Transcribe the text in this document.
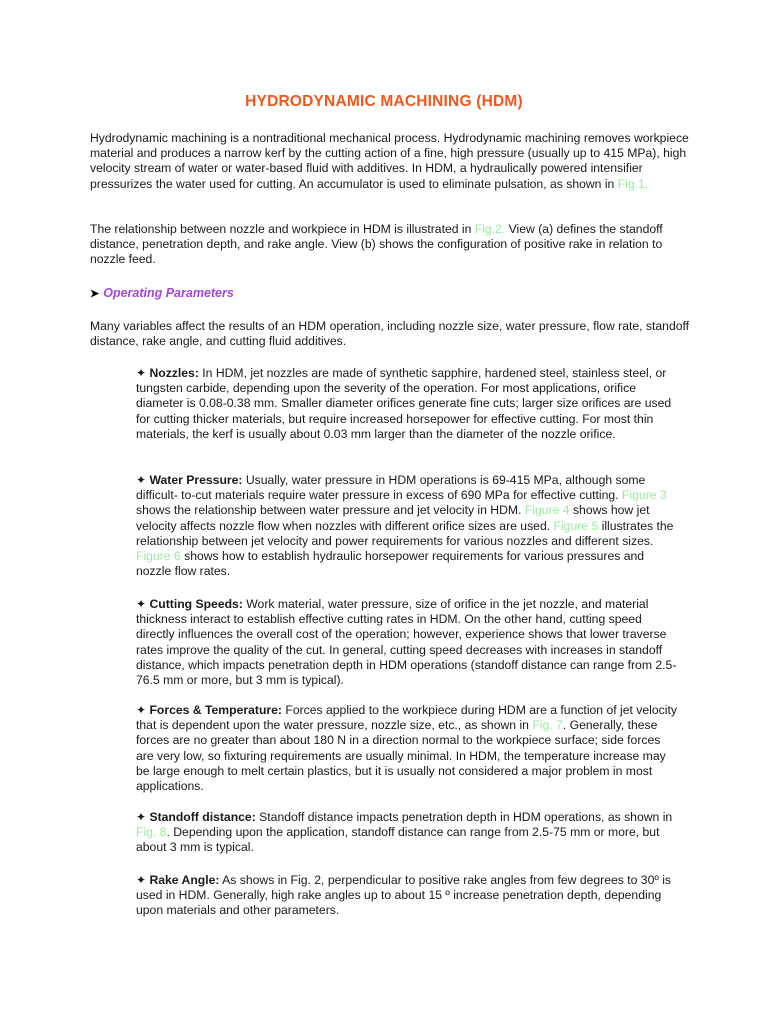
HYDRODYNAMIC MACHINING (HDM)

Hydrodynamic machining is a nontraditional mechanical process. Hydrodynamic machining removes workpiece material and produces a narrow kerf by the cutting action of a fine, high pressure (usually up to 415 MPa), high velocity stream of water or water-based fluid with additives. In HDM, a hydraulically powered intensifier pressurizes the water used for cutting. An accumulator is used to eliminate pulsation, as shown in Fig.1.

The relationship between nozzle and workpiece in HDM is illustrated in Fig.2. View (a) defines the standoff distance, penetration depth, and rake angle. View (b) shows the configuration of positive rake in relation to nozzle feed.

➤ Operating Parameters

Many variables affect the results of an HDM operation, including nozzle size, water pressure, flow rate, standoff distance, rake angle, and cutting fluid additives.

✦ Nozzles: In HDM, jet nozzles are made of synthetic sapphire, hardened steel, stainless steel, or tungsten carbide, depending upon the severity of the operation. For most applications, orifice diameter is 0.08-0.38 mm. Smaller diameter orifices generate fine cuts; larger size orifices are used for cutting thicker materials, but require increased horsepower for effective cutting. For most thin materials, the kerf is usually about 0.03 mm larger than the diameter of the nozzle orifice.

✦ Water Pressure: Usually, water pressure in HDM operations is 69-415 MPa, although some difficult- to-cut materials require water pressure in excess of 690 MPa for effective cutting. Figure 3 shows the relationship between water pressure and jet velocity in HDM. Figure 4 shows how jet velocity affects nozzle flow when nozzles with different orifice sizes are used. Figure 5 illustrates the relationship between jet velocity and power requirements for various nozzles and different sizes. Figure 6 shows how to establish hydraulic horsepower requirements for various pressures and nozzle flow rates.

✦ Cutting Speeds: Work material, water pressure, size of orifice in the jet nozzle, and material thickness interact to establish effective cutting rates in HDM. On the other hand, cutting speed directly influences the overall cost of the operation; however, experience shows that lower traverse rates improve the quality of the cut. In general, cutting speed decreases with increases in standoff distance, which impacts penetration depth in HDM operations (standoff distance can range from 2.5-76.5 mm or more, but 3 mm is typical).

✦ Forces & Temperature: Forces applied to the workpiece during HDM are a function of jet velocity that is dependent upon the water pressure, nozzle size, etc., as shown in Fig. 7. Generally, these forces are no greater than about 180 N in a direction normal to the workpiece surface; side forces are very low, so fixturing requirements are usually minimal. In HDM, the temperature increase may be large enough to melt certain plastics, but it is usually not considered a major problem in most applications.

✦ Standoff distance: Standoff distance impacts penetration depth in HDM operations, as shown in Fig. 8. Depending upon the application, standoff distance can range from 2.5-75 mm or more, but about 3 mm is typical.

✦ Rake Angle: As shows in Fig. 2, perpendicular to positive rake angles from few degrees to 30º is used in HDM. Generally, high rake angles up to about 15 º increase penetration depth, depending upon materials and other parameters.
